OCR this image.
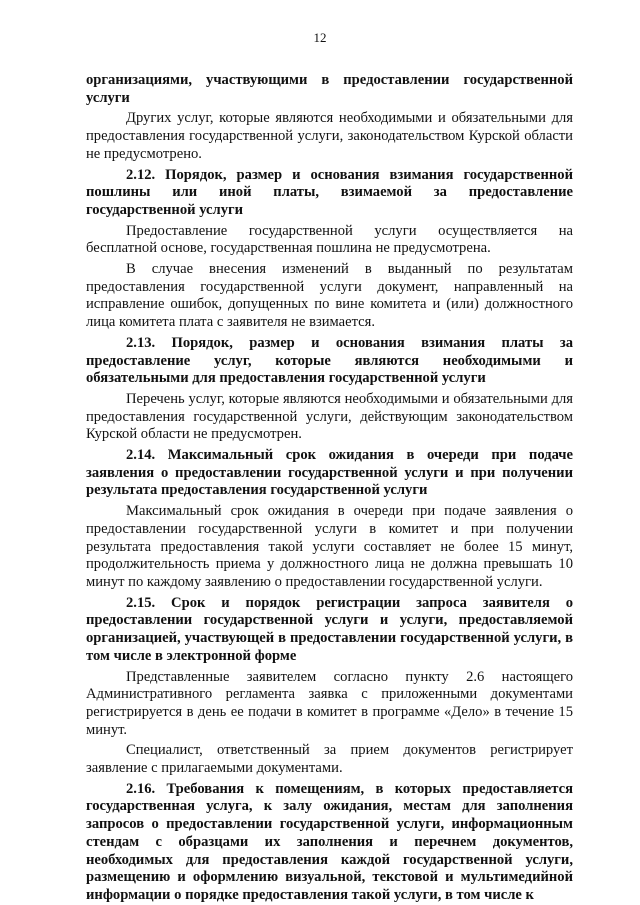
12

организациями, участвующими в предоставлении государственной услуги

Других услуг, которые являются необходимыми и обязательными для предоставления государственной услуги, законодательством Курской области не предусмотрено.

2.12. Порядок, размер и основания взимания государственной пошлины или иной платы, взимаемой за предоставление государственной услуги

Предоставление государственной услуги осуществляется на бесплатной основе, государственная пошлина не предусмотрена.

В случае внесения изменений в выданный по результатам предоставления государственной услуги документ, направленный на исправление ошибок, допущенных по вине комитета и (или) должностного лица комитета плата с заявителя не взимается.

2.13. Порядок, размер и основания взимания платы за предоставление услуг, которые являются необходимыми и обязательными для предоставления государственной услуги

Перечень услуг, которые являются необходимыми и обязательными для предоставления государственной услуги, действующим законодательством Курской области не предусмотрен.

2.14. Максимальный срок ожидания в очереди при подаче заявления о предоставлении государственной услуги и при получении результата предоставления государственной услуги

Максимальный срок ожидания в очереди при подаче заявления о предоставлении государственной услуги в комитет и при получении результата предоставления такой услуги составляет не более 15 минут, продолжительность приема у должностного лица не должна превышать 10 минут по каждому заявлению о предоставлении государственной услуги.

2.15. Срок и порядок регистрации запроса заявителя о предоставлении государственной услуги и услуги, предоставляемой организацией, участвующей в предоставлении государственной услуги, в том числе в электронной форме

Представленные заявителем согласно пункту 2.6 настоящего Административного регламента заявка с приложенными документами регистрируется в день ее подачи в комитет в программе «Дело» в течение 15 минут.

Специалист, ответственный за прием документов регистрирует заявление с прилагаемыми документами.

2.16. Требования к помещениям, в которых предоставляется государственная услуга, к залу ожидания, местам для заполнения запросов о предоставлении государственной услуги, информационным стендам с образцами их заполнения и перечнем документов, необходимых для предоставления каждой государственной услуги, размещению и оформлению визуальной, текстовой и мультимедийной информации о порядке предоставления такой услуги, в том числе к
